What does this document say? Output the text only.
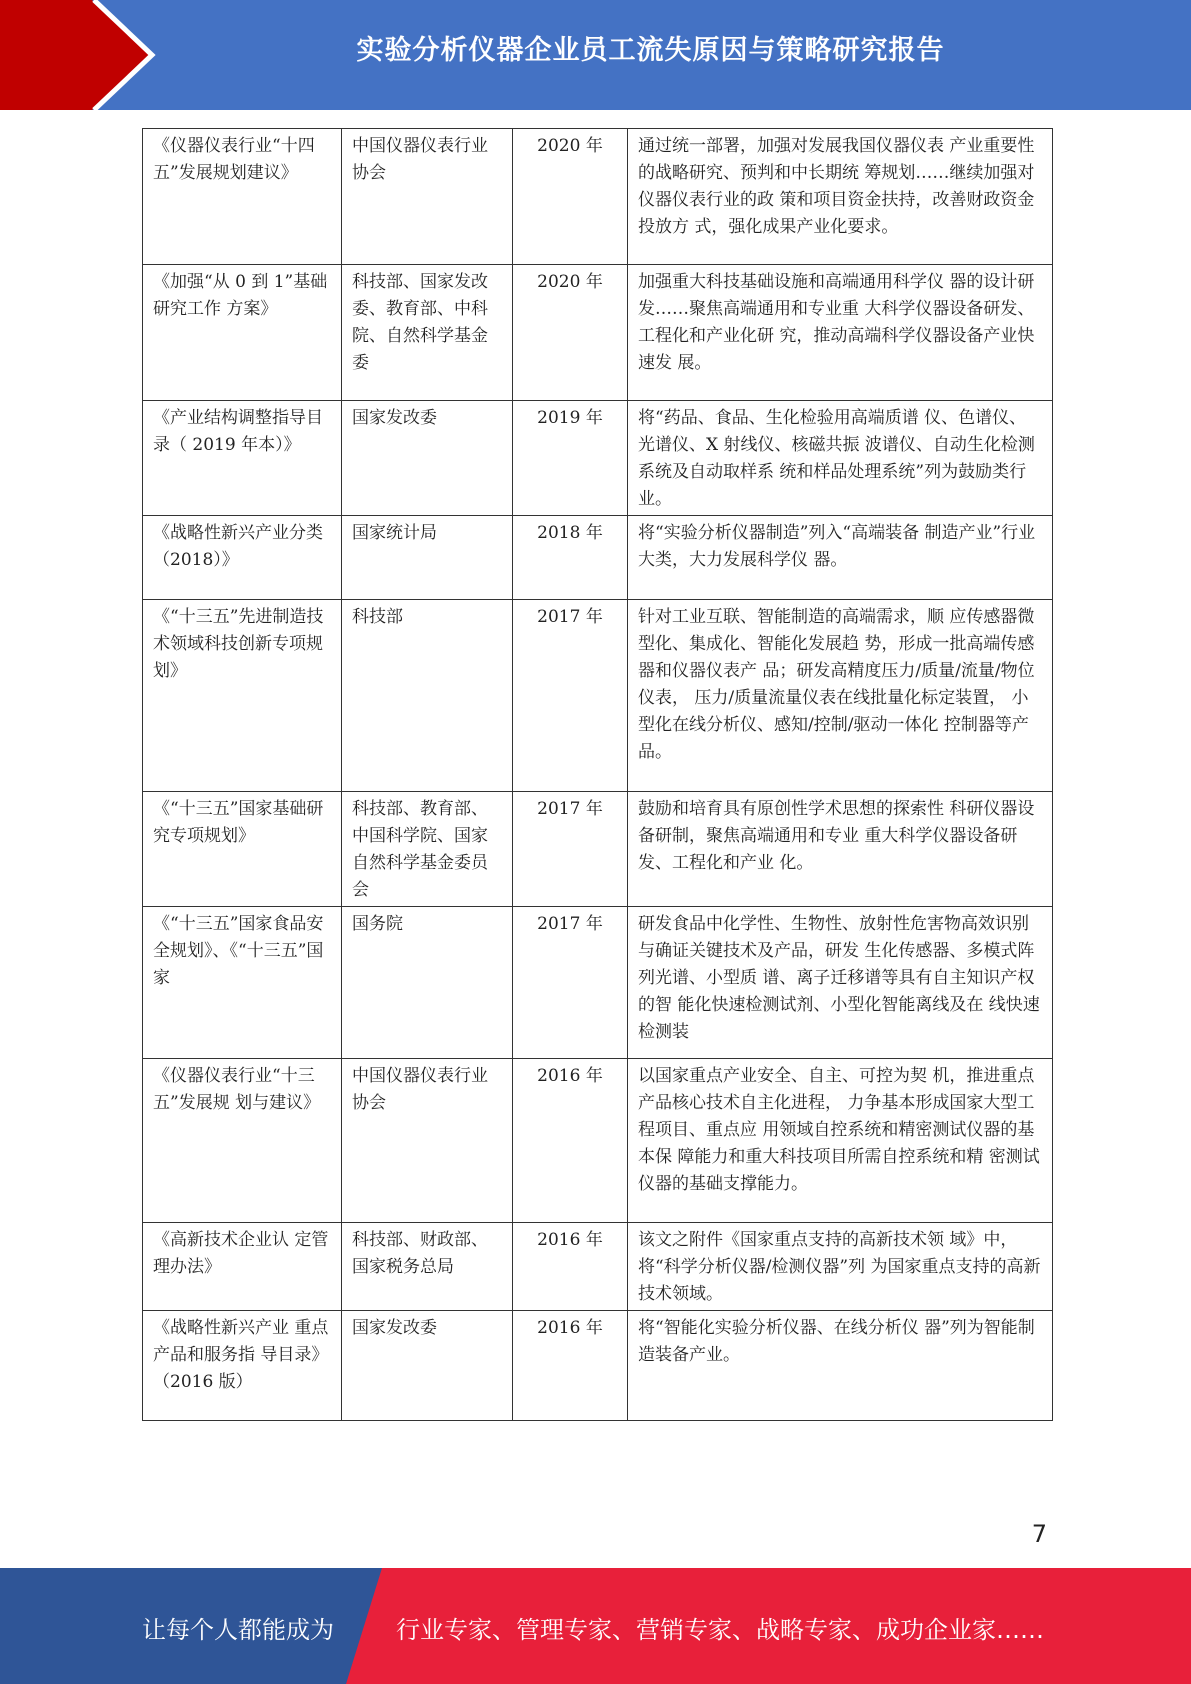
实验分析仪器企业员工流失原因与策略研究报告
《仪器仪表行业“十四五”发展规划建议》	中国仪器仪表行业协会	2020 年	通过统一部署，加强对发展我国仪器仪表 产业重要性的战略研究、预判和中长期统 筹规划……继续加强对仪器仪表行业的政 策和项目资金扶持，改善财政资金投放方 式，强化成果产业化要求。
《加强“从 0 到 1”基础研究工作 方案》	科技部、国家发改委、教育部、中科院、自然科学基金委	2020 年	加强重大科技基础设施和高端通用科学仪 器的设计研发……聚焦高端通用和专业重 大科学仪器设备研发、工程化和产业化研 究，推动高端科学仪器设备产业快速发 展。
《产业结构调整指导目录（ 2019 年本）》	国家发改委	2019 年	将“药品、食品、生化检验用高端质谱 仪、色谱仪、光谱仪、X 射线仪、核磁共振 波谱仪、自动生化检测系统及自动取样系 统和样品处理系统”列为鼓励类行业。
《战略性新兴产业分类（2018）》	国家统计局	2018 年	将“实验分析仪器制造”列入“高端装备 制造产业”行业大类，大力发展科学仪 器。
《“十三五”先进制造技术领域科技创新专项规划》	科技部	2017 年	针对工业互联、智能制造的高端需求，顺 应传感器微型化、集成化、智能化发展趋 势，形成一批高端传感器和仪器仪表产 品；研发高精度压力/质量/流量/物位仪表， 压力/质量流量仪表在线批量化标定装置， 小型化在线分析仪、感知/控制/驱动一体化 控制器等产品。
《“十三五”国家基础研究专项规划》	科技部、教育部、中国科学院、国家自然科学基金委员会	2017 年	鼓励和培育具有原创性学术思想的探索性 科研仪器设备研制，聚焦高端通用和专业 重大科学仪器设备研发、工程化和产业 化。

《“十三五”国家食品安全规划》、《“十三五”国家	国务院	2017 年	研发食品中化学性、生物性、放射性危害物高效识别与确证关键技术及产品，研发 生化传感器、多模式阵列光谱、小型质 谱、离子迁移谱等具有自主知识产权的智 能化快速检测试剂、小型化智能离线及在 线快速检测装

《仪器仪表行业“十三五”发展规 划与建议》	中国仪器仪表行业协会	2016 年	以国家重点产业安全、自主、可控为契 机，推进重点产品核心技术自主化进程， 力争基本形成国家大型工程项目、重点应 用领域自控系统和精密测试仪器的基本保 障能力和重大科技项目所需自控系统和精 密测试仪器的基础支撑能力。
《高新技术企业认 定管理办法》	科技部、财政部、国家税务总局	2016 年	该文之附件《国家重点支持的高新技术领 域》中，将“科学分析仪器/检测仪器”列 为国家重点支持的高新技术领域。
《战略性新兴产业 重点产品和服务指 导目录》（2016 版）	国家发改委	2016 年	将“智能化实验分析仪器、在线分析仪 器”列为智能制造装备产业。
7
让每个人都能成为	行业专家、管理专家、营销专家、战略专家、成功企业家……
